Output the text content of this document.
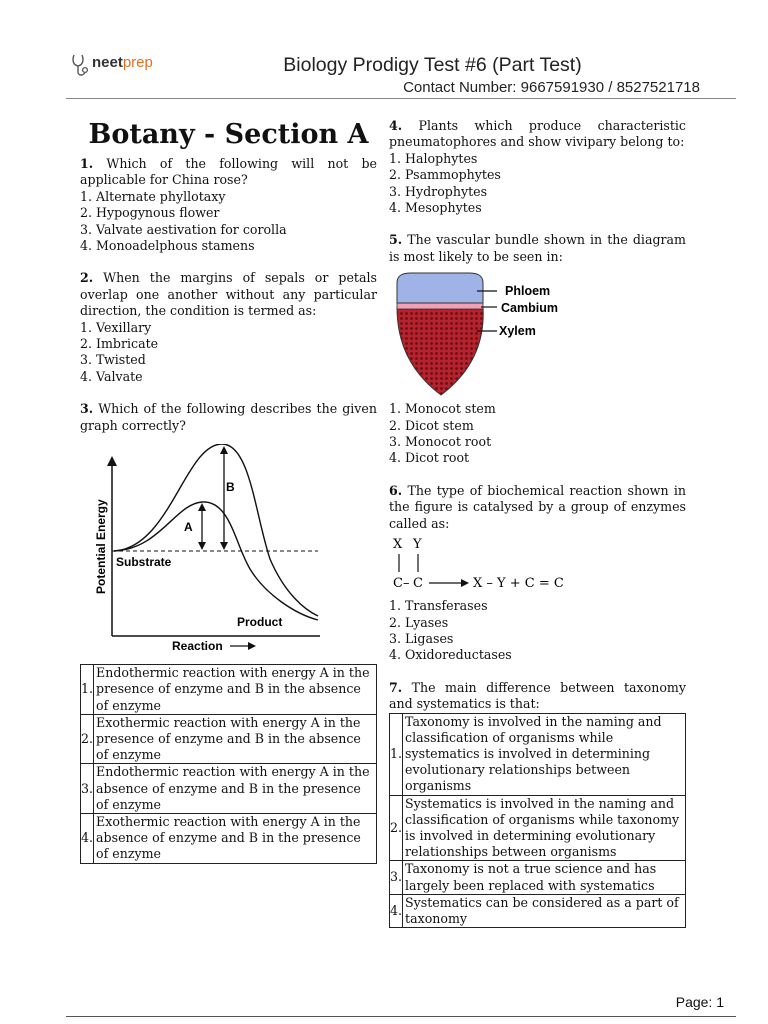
neetprep	Biology Prodigy Test #6 (Part Test)
Contact Number: 9667591930 / 8527521718
Botany - Section A
1. Which of the following will not be applicable for China rose?
1. Alternate phyllotaxy
2. Hypogynous flower
3. Valvate aestivation for corolla
4. Monoadelphous stamens
2. When the margins of sepals or petals overlap one another without any particular direction, the condition is termed as:
1. Vexillary
2. Imbricate
3. Twisted
4. Valvate
3. Which of the following describes the given graph correctly?
Potential Energy
Reaction
A
B
Substrate
Product
1.	Endothermic reaction with energy A in the presence of enzyme and B in the absence of enzyme
2.	Exothermic reaction with energy A in the presence of enzyme and B in the absence of enzyme
3.	Endothermic reaction with energy A in the absence of enzyme and B in the presence of enzyme
4.	Exothermic reaction with energy A in the absence of enzyme and B in the presence of enzyme
4. Plants which produce characteristic pneumatophores and show vivipary belong to:
1. Halophytes
2. Psammophytes
3. Hydrophytes
4. Mesophytes
5. The vascular bundle shown in the diagram is most likely to be seen in:
Phloem
Cambium
Xylem
1. Monocot stem
2. Dicot stem
3. Monocot root
4. Dicot root
6. The type of biochemical reaction shown in the figure is catalysed by a group of enzymes called as:
X Y
C – C	X – Y + C = C
1. Transferases
2. Lyases
3. Ligases
4. Oxidoreductases
7. The main difference between taxonomy and systematics is that:
1.	Taxonomy is involved in the naming and classification of organisms while systematics is involved in determining evolutionary relationships between organisms
2.	Systematics is involved in the naming and classification of organisms while taxonomy is involved in determining evolutionary relationships between organisms
3.	Taxonomy is not a true science and has largely been replaced with systematics
4.	Systematics can be considered as a part of taxonomy
Page: 1
